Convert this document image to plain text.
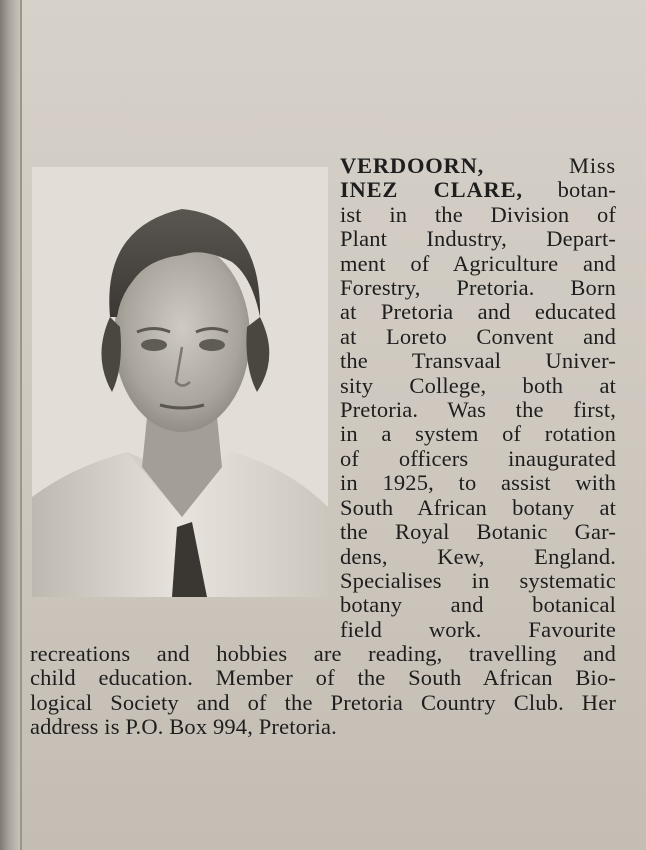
VERDOORN,	Miss
INEZ CLARE, botan-
ist in the Division of
Plant Industry, Depart-
ment of Agriculture and
Forestry, Pretoria. Born
at Pretoria and educated
at Loreto Convent and
the Transvaal Univer-
sity College, both at
Pretoria. Was the first,
in a system of rotation
of officers inaugurated
in 1925, to assist with
South African botany at
the Royal Botanic Gar-
dens, Kew, England.
Specialises in systematic
botany and botanical
field work. Favourite
recreations and hobbies are reading, travelling and
child education. Member of the South African Bio-
logical Society and of the Pretoria Country Club. Her
address is P.O. Box 994, Pretoria.
